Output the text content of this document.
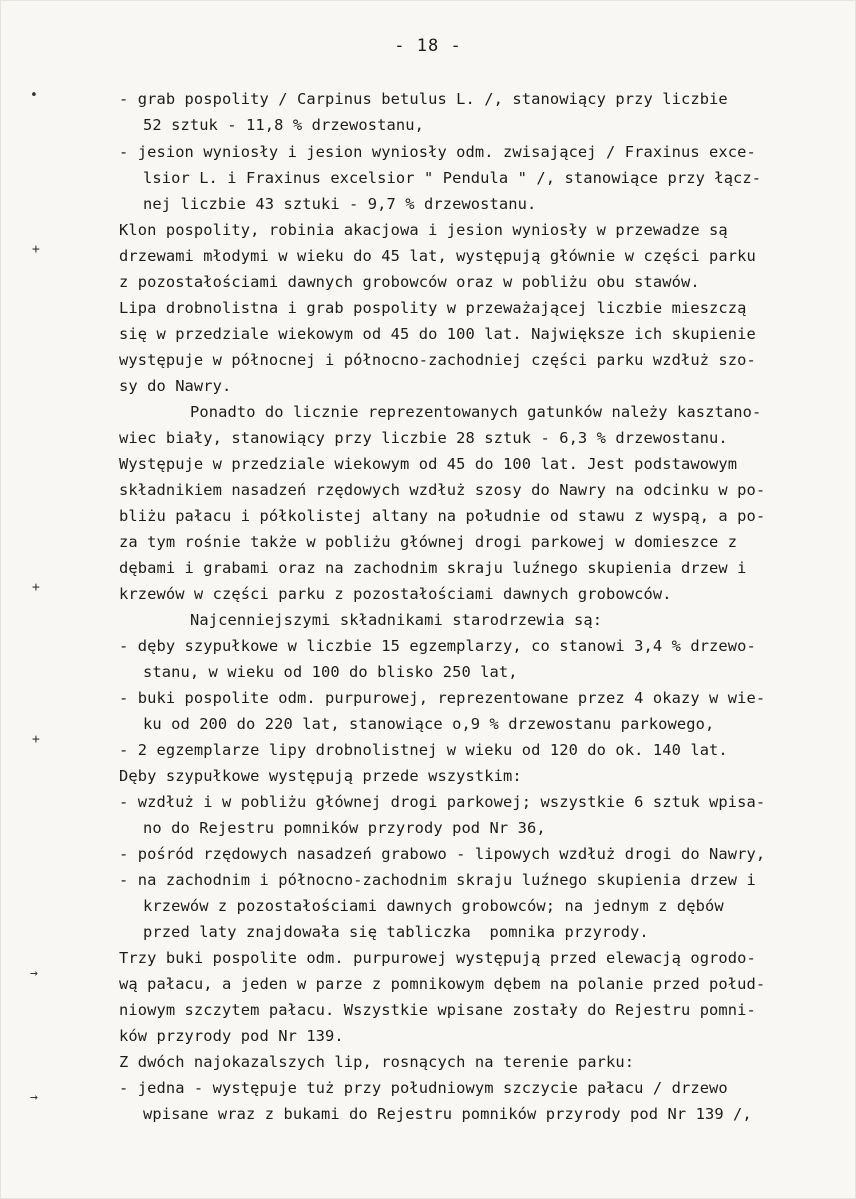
- 18 -
•
+
+
+
→
→
- grab pospolity / Carpinus betulus L. /, stanowiący przy liczbie
52 sztuk - 11,8 % drzewostanu,
- jesion wyniosły i jesion wyniosły odm. zwisającej / Fraxinus exce-
lsior L. i Fraxinus excelsior " Pendula " /, stanowiące przy łącz-
nej liczbie 43 sztuki - 9,7 % drzewostanu.
Klon pospolity, robinia akacjowa i jesion wyniosły w przewadze są
drzewami młodymi w wieku do 45 lat, występują głównie w części parku
z pozostałościami dawnych grobowców oraz w pobliżu obu stawów.
Lipa drobnolistna i grab pospolity w przeważającej liczbie mieszczą
się w przedziale wiekowym od 45 do 100 lat. Największe ich skupienie
występuje w północnej i północno-zachodniej części parku wzdłuż szo-
sy do Nawry.
Ponadto do licznie reprezentowanych gatunków należy kasztano-
wiec biały, stanowiący przy liczbie 28 sztuk - 6,3 % drzewostanu.
Występuje w przedziale wiekowym od 45 do 100 lat. Jest podstawowym
składnikiem nasadzeń rzędowych wzdłuż szosy do Nawry na odcinku w po-
bliżu pałacu i półkolistej altany na południe od stawu z wyspą, a po-
za tym rośnie także w pobliżu głównej drogi parkowej w domieszce z
dębami i grabami oraz na zachodnim skraju luźnego skupienia drzew i
krzewów w części parku z pozostałościami dawnych grobowców.
Najcenniejszymi składnikami starodrzewia są:
- dęby szypułkowe w liczbie 15 egzemplarzy, co stanowi 3,4 % drzewo-
stanu, w wieku od 100 do blisko 250 lat,
- buki pospolite odm. purpurowej, reprezentowane przez 4 okazy w wie-
ku od 200 do 220 lat, stanowiące o,9 % drzewostanu parkowego,
- 2 egzemplarze lipy drobnolistnej w wieku od 120 do ok. 140 lat.
Dęby szypułkowe występują przede wszystkim:
- wzdłuż i w pobliżu głównej drogi parkowej; wszystkie 6 sztuk wpisa-
no do Rejestru pomników przyrody pod Nr 36,
- pośród rzędowych nasadzeń grabowo - lipowych wzdłuż drogi do Nawry,
- na zachodnim i północno-zachodnim skraju luźnego skupienia drzew i
krzewów z pozostałościami dawnych grobowców; na jednym z dębów
przed laty znajdowała się tabliczka  pomnika przyrody.
Trzy buki pospolite odm. purpurowej występują przed elewacją ogrodo-
wą pałacu, a jeden w parze z pomnikowym dębem na polanie przed połud-
niowym szczytem pałacu. Wszystkie wpisane zostały do Rejestru pomni-
ków przyrody pod Nr 139.
Z dwóch najokazalszych lip, rosnących na terenie parku:
- jedna - występuje tuż przy południowym szczycie pałacu / drzewo
wpisane wraz z bukami do Rejestru pomników przyrody pod Nr 139 /,
